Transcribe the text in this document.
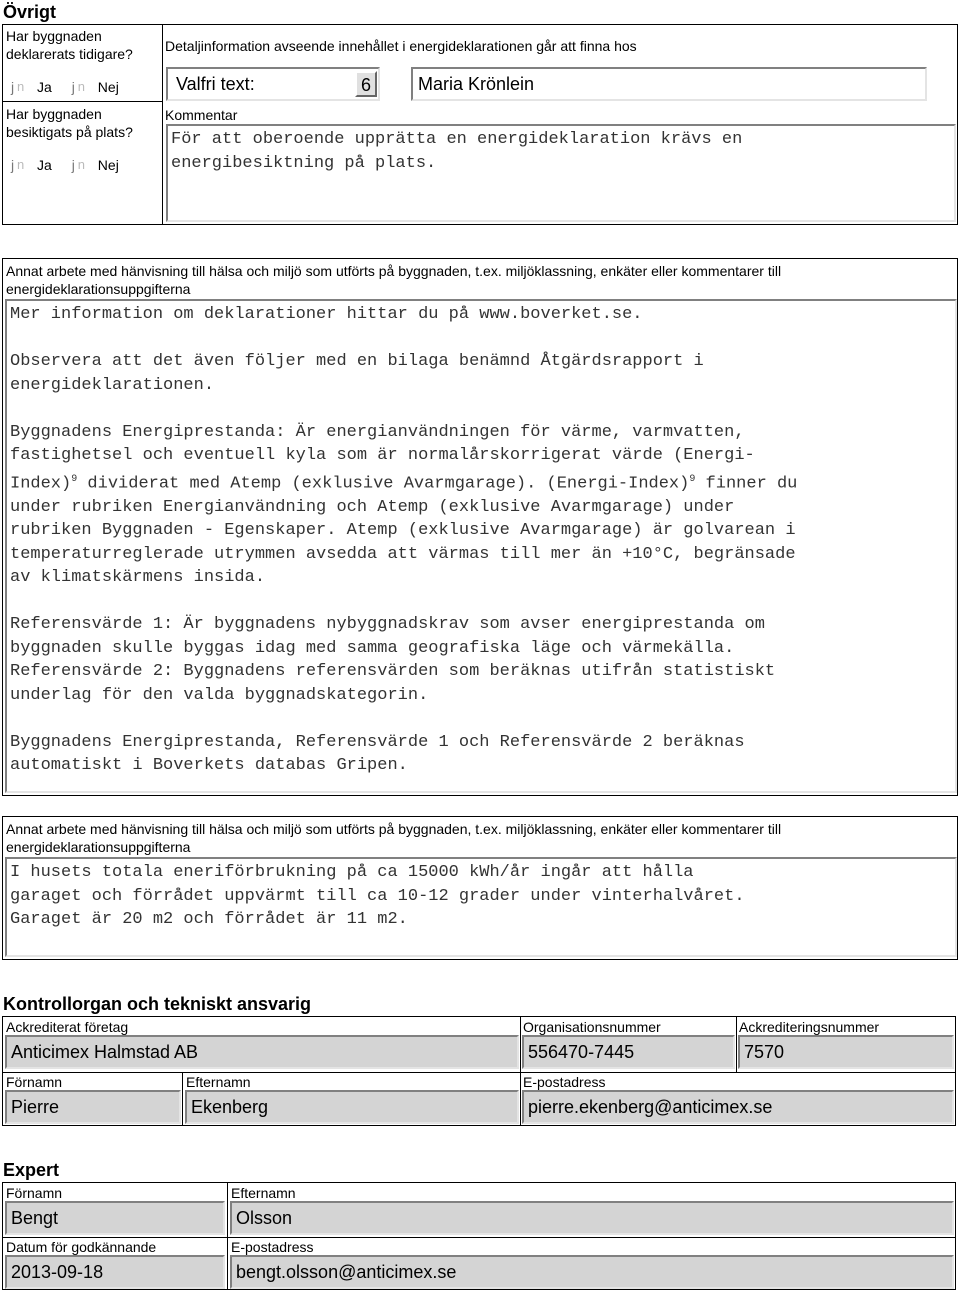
Övrigt
Har byggnaden
deklarerats tidigare?
j n Ja j n Nej
Har byggnaden
besiktigats på plats?
j n Ja j n Nej
Detaljinformation avseende innehållet i energideklarationen går att finna hos
Valfri text:	6	Maria Krönlein
Kommentar
För att oberoende upprätta en energideklaration krävs en
energibesiktning på plats.
Annat arbete med hänvisning till hälsa och miljö som utförts på byggnaden, t.ex. miljöklassning, enkäter eller kommentarer till
energideklarationsuppgifterna
Mer information om deklarationer hittar du på www.boverket.se.

Observera att det även följer med en bilaga benämnd Åtgärdsrapport i
energideklarationen.

Byggnadens Energiprestanda: Är energianvändningen för värme, varmvatten,
fastighetsel och eventuell kyla som är normalårskorrigerat värde (Energi-
Index)$^9$ dividerat med Atemp (exklusive Avarmgarage). (Energi-Index)$^9$ finner du
under rubriken Energianvändning och Atemp (exklusive Avarmgarage) under
rubriken Byggnaden - Egenskaper. Atemp (exklusive Avarmgarage) är golvarean i
temperaturreglerade utrymmen avsedda att värmas till mer än +10°C, begränsade
av klimatskärmens insida.

Referensvärde 1: Är byggnadens nybyggnadskrav som avser energiprestanda om
byggnaden skulle byggas idag med samma geografiska läge och värmekälla.
Referensvärde 2: Byggnadens referensvärden som beräknas utifrån statistiskt
underlag för den valda byggnadskategorin.

Byggnadens Energiprestanda, Referensvärde 1 och Referensvärde 2 beräknas
automatiskt i Boverkets databas Gripen.
Annat arbete med hänvisning till hälsa och miljö som utförts på byggnaden, t.ex. miljöklassning, enkäter eller kommentarer till
energideklarationsuppgifterna
I husets totala eneriförbrukning på ca 15000 kWh/år ingår att hålla
garaget och förrådet uppvärmt till ca 10-12 grader under vinterhalvåret.
Garaget är 20 m2 och förrådet är 11 m2.
Kontrollorgan och tekniskt ansvarig
Ackrediterat företag
Anticimex Halmstad AB
Organisationsnummer
556470-7445
Ackrediteringsnummer
7570
Förnamn
Pierre
Efternamn
Ekenberg
E-postadress
pierre.ekenberg@anticimex.se
Expert
Förnamn
Bengt
Efternamn
Olsson
Datum för godkännande
2013-09-18
E-postadress
bengt.olsson@anticimex.se
